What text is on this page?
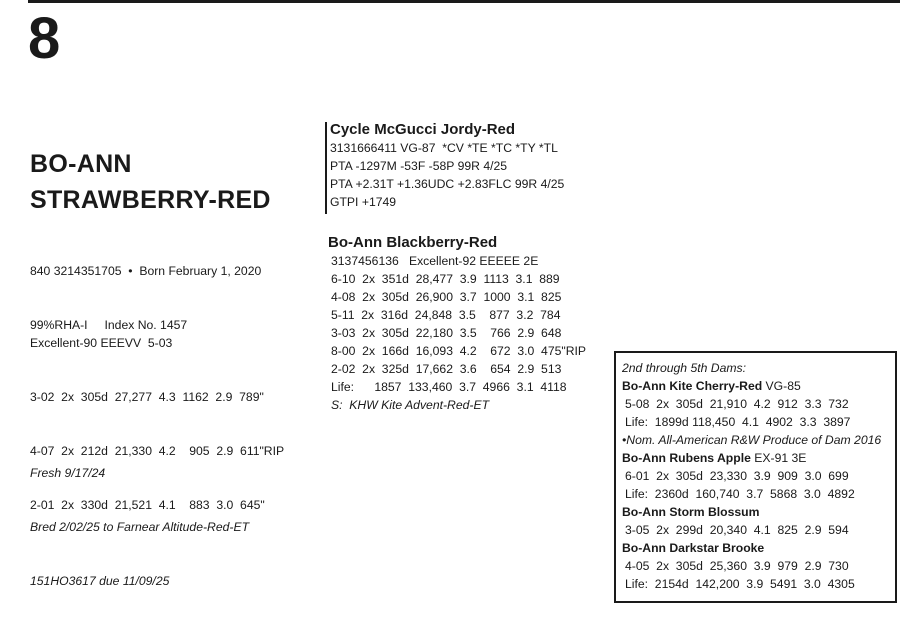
8
BO-ANN
STRAWBERRY-RED

840 3214351705  •  Born February 1, 2020

99%RHA-I     Index No. 1457

Excellent-90 EEEVV  5-03

3-02  2x  305d  27,277  4.3  1162  2.9  789"

4-07  2x  212d  21,330  4.2    905  2.9  611"RIP

2-01  2x  330d  21,521  4.1    883  3.0  645"

Fresh 9/17/24

Bred 2/02/25 to Farnear Altitude-Red-ET

151HO3617 due 11/09/25

Cycle McGucci Jordy-Red
3131666411 VG-87  *CV *TE *TC *TY *TL
PTA -1297M -53F -58P 99R 4/25
PTA +2.31T +1.36UDC +2.83FLC 99R 4/25
GTPI +1749
Bo-Ann Blackberry-Red
3137456136   Excellent-92 EEEEE 2E
6-10  2x  351d  28,477  3.9  1113  3.1  889
4-08  2x  305d  26,900  3.7  1000  3.1  825
5-11  2x  316d  24,848  3.5    877  3.2  784
3-03  2x  305d  22,180  3.5    766  2.9  648
8-00  2x  166d  16,093  4.2    672  3.0  475"RIP
2-02  2x  325d  17,662  3.6    654  2.9  513
Life:      1857  133,460  3.7  4966  3.1  4118
S:  KHW Kite Advent-Red-ET
2nd through 5th Dams:
Bo-Ann Kite Cherry-Red VG-85
5-08  2x  305d  21,910  4.2  912  3.3  732
Life:  1899d 118,450  4.1  4902  3.3  3897
•Nom. All-American R&W Produce of Dam 2016
Bo-Ann Rubens Apple EX-91 3E
6-01  2x  305d  23,330  3.9  909  3.0  699
Life:  2360d  160,740  3.7  5868  3.0  4892
Bo-Ann Storm Blossum
3-05  2x  299d  20,340  4.1  825  2.9  594
Bo-Ann Darkstar Brooke
4-05  2x  305d  25,360  3.9  979  2.9  730
Life:  2154d  142,200  3.9  5491  3.0  4305
